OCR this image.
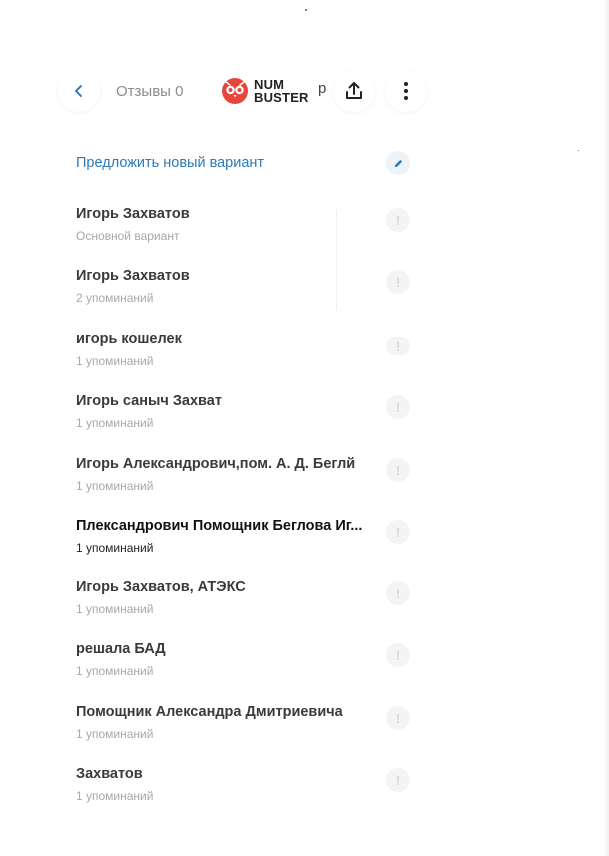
Отзывы 0	р
NUM
BUSTER
Предложить новый вариант
Игорь Захватов
Основной вариант
!
Игорь Захватов
2 упоминаний
!
игорь кошелек
1 упоминаний
!
Игорь саныч Захват
1 упоминаний
!
Игорь Александрович,пом. А. Д. Беглй
1 упоминаний
!
Плександрович Помощник Беглова Иг...
1 упоминаний
!
Игорь Захватов, АТЭКС
1 упоминаний
!
решала БАД
1 упоминаний
!
Помощник Александра Дмитриевича
1 упоминаний
!
Захватов
1 упоминаний
!
